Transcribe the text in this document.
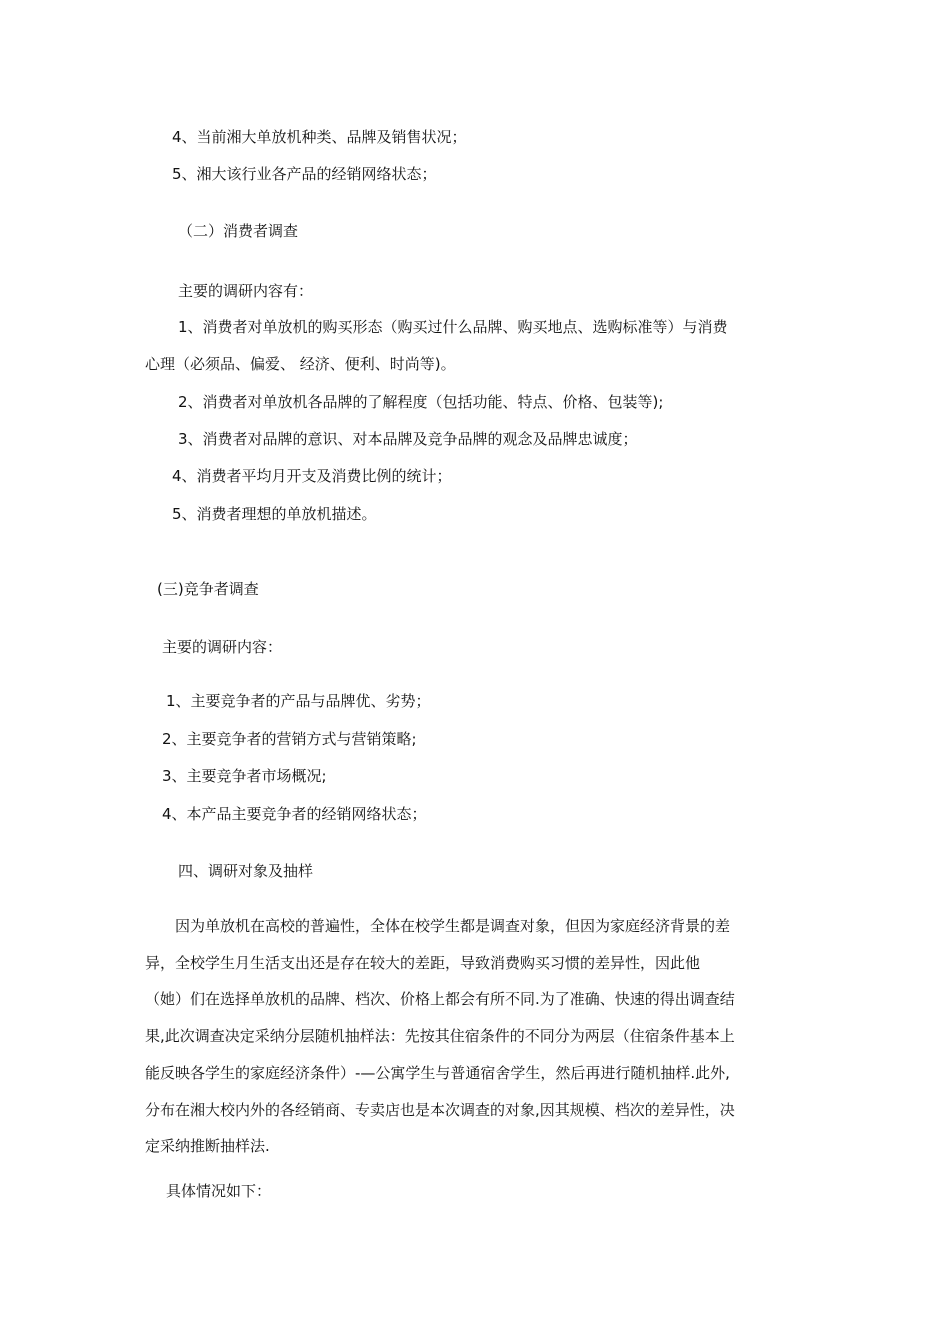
4、当前湘大单放机种类、品牌及销售状况；
5、湘大该行业各产品的经销网络状态；
（二）消费者调查
主要的调研内容有：
1、消费者对单放机的购买形态（购买过什么品牌、购买地点、选购标准等）与消费
心理（必须品、偏爱、 经济、便利、时尚等)。
2、消费者对单放机各品牌的了解程度（包括功能、特点、价格、包装等);
3、消费者对品牌的意识、对本品牌及竞争品牌的观念及品牌忠诚度；
4、消费者平均月开支及消费比例的统计；
5、消费者理想的单放机描述。
(三)竞争者调查
主要的调研内容：
1、主要竞争者的产品与品牌优、劣势；
2、主要竞争者的营销方式与营销策略;
3、主要竞争者市场概况;
4、本产品主要竞争者的经销网络状态；
四、调研对象及抽样
　　因为单放机在高校的普遍性，全体在校学生都是调查对象，但因为家庭经济背景的差
异，全校学生月生活支出还是存在较大的差距，导致消费购买习惯的差异性，因此他
（她）们在选择单放机的品牌、档次、价格上都会有所不同.为了准确、快速的得出调查结
果,此次调查决定采纳分层随机抽样法：先按其住宿条件的不同分为两层（住宿条件基本上
能反映各学生的家庭经济条件）-—公寓学生与普通宿舍学生，然后再进行随机抽样.此外,
分布在湘大校内外的各经销商、专卖店也是本次调查的对象,因其规模、档次的差异性，决
定采纳推断抽样法.
具体情况如下：
